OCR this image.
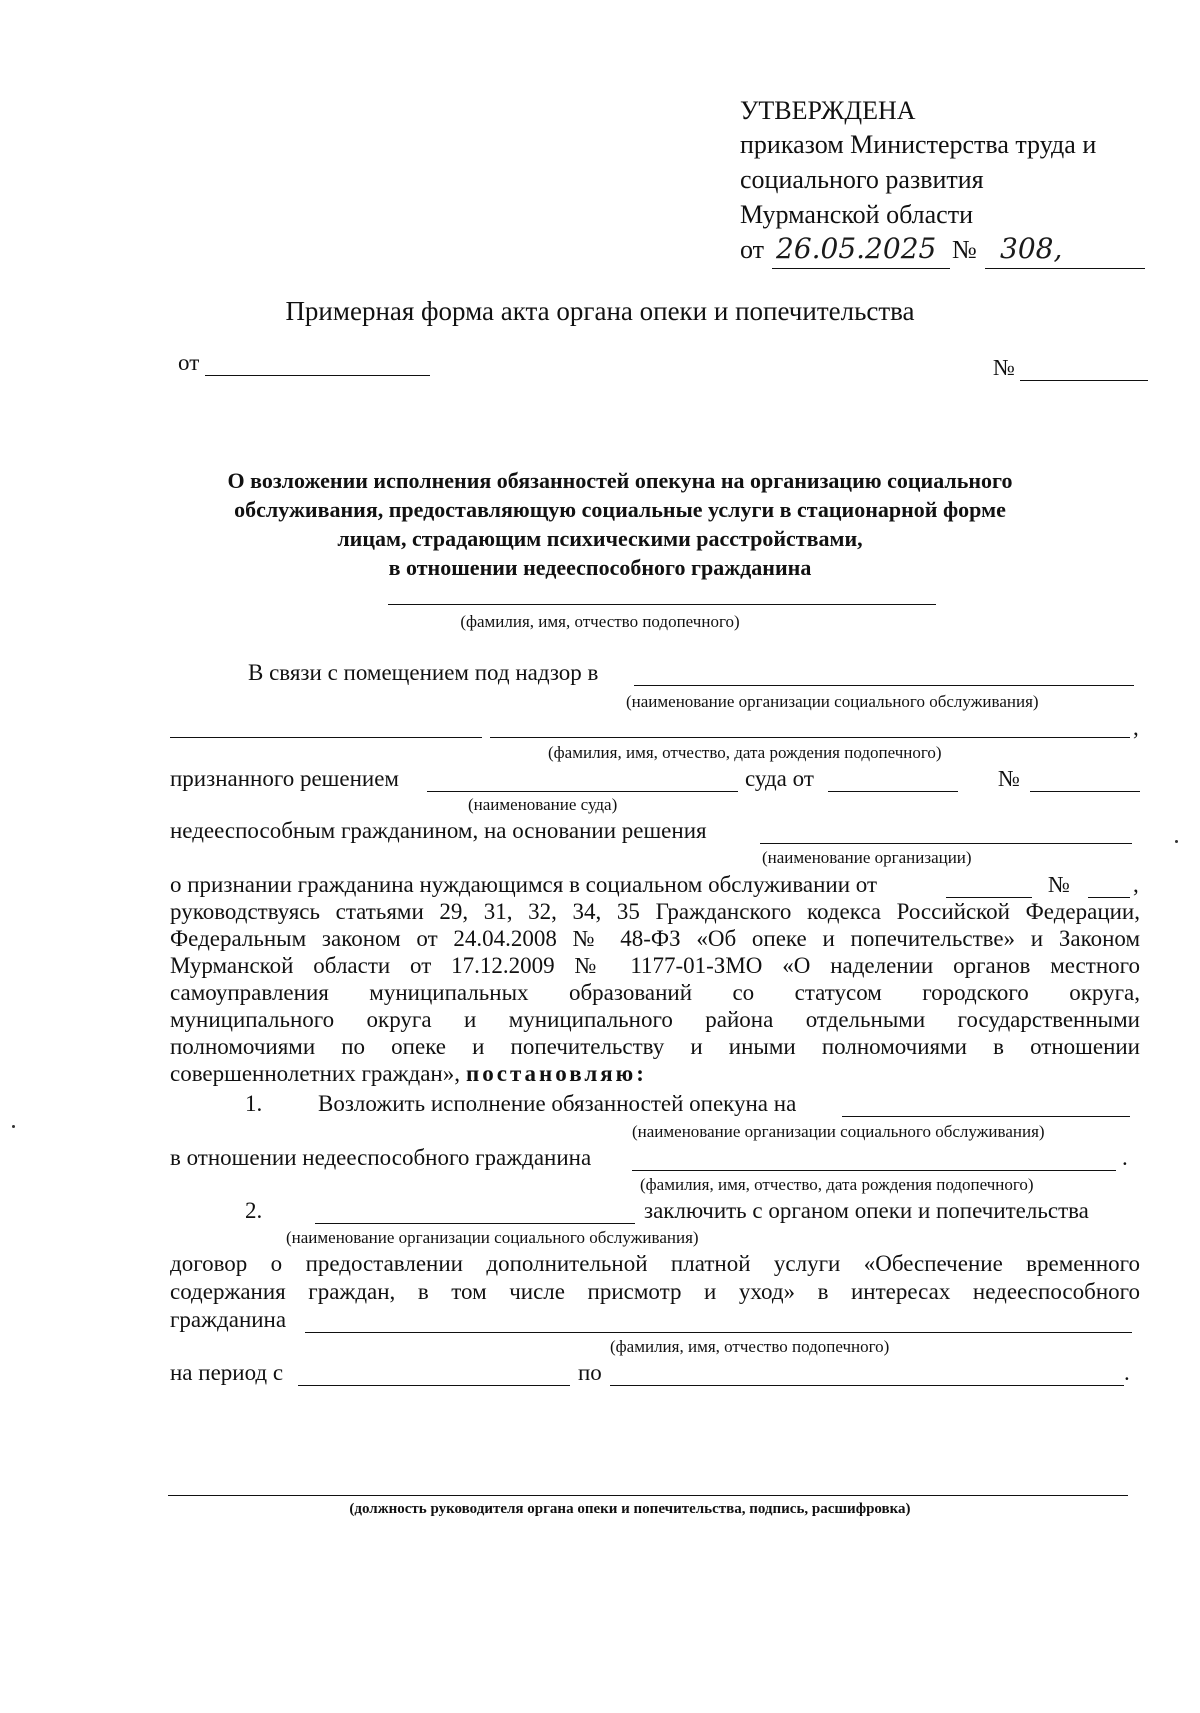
УТВЕРЖДЕНА
приказом Министерства труда и
социального развития
Мурманской области
от 26.05.2025 № 308,
Примерная форма акта органа опеки и попечительства
от	№
О возложении исполнения обязанностей опекуна на организацию социального
обслуживания, предоставляющую социальные услуги в стационарной форме
лицам, страдающим психическими расстройствами,
в отношении недееспособного гражданина
(фамилия, имя, отчество подопечного)
В связи с помещением под надзор в
(наименование организации социального обслуживания)
,
(фамилия, имя, отчество, дата рождения подопечного)
признанного решением	суда от	№
(наименование суда)
недееспособным гражданином, на основании решения
(наименование организации)
о признании гражданина нуждающимся в социальном обслуживании от	№	,
руководствуясь статьями 29, 31, 32, 34, 35 Гражданского кодекса Российской Федерации,
Федеральным законом от 24.04.2008 № 48-ФЗ «Об опеке и попечительстве» и Законом
Мурманской области от 17.12.2009 № 1177-01-ЗМО «О наделении органов местного
самоуправления муниципальных образований со статусом городского округа,
муниципального округа и муниципального района отдельными государственными
полномочиями по опеке и попечительству и иными полномочиями в отношении
совершеннолетних граждан», постановляю:
1. Возложить исполнение обязанностей опекуна на
(наименование организации социального обслуживания)
в отношении недееспособного гражданина	.
(фамилия, имя, отчество, дата рождения подопечного)
2.	заключить с органом опеки и попечительства
(наименование организации социального обслуживания)
договор о предоставлении дополнительной платной услуги «Обеспечение временного
содержания граждан, в том числе присмотр и уход» в интересах недееспособного
гражданина
(фамилия, имя, отчество подопечного)
на период с	по	.
(должность руководителя органа опеки и попечительства, подпись, расшифровка)
